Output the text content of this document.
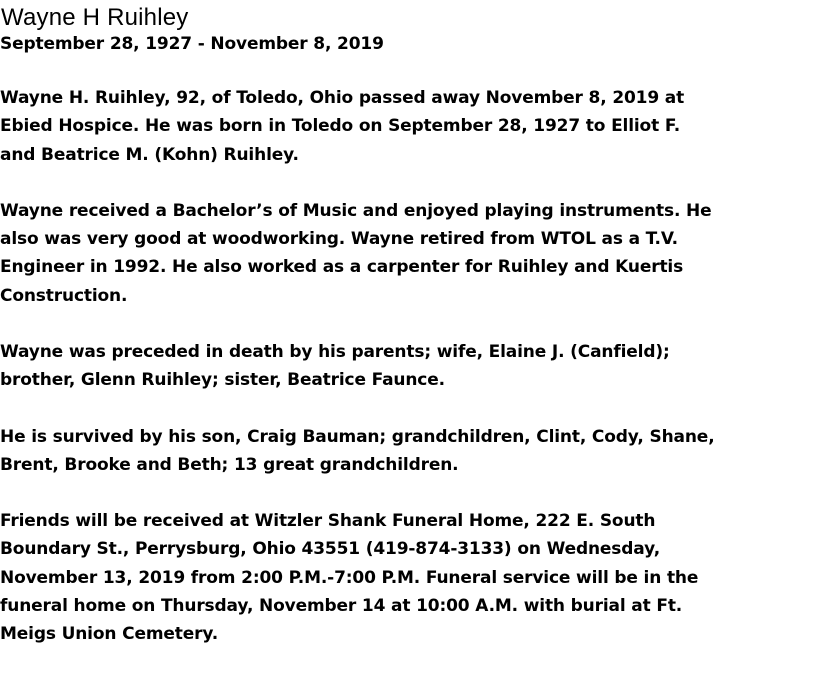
Wayne H Ruihley
September 28, 1927 - November 8, 2019
Wayne H. Ruihley, 92, of Toledo, Ohio passed away November 8, 2019 at
Ebied Hospice. He was born in Toledo on September 28, 1927 to Elliot F.
and Beatrice M. (Kohn) Ruihley.
Wayne received a Bachelor’s of Music and enjoyed playing instruments. He
also was very good at woodworking. Wayne retired from WTOL as a T.V.
Engineer in 1992. He also worked as a carpenter for Ruihley and Kuertis
Construction.
Wayne was preceded in death by his parents; wife, Elaine J. (Canfield);
brother, Glenn Ruihley; sister, Beatrice Faunce.
He is survived by his son, Craig Bauman; grandchildren, Clint, Cody, Shane,
Brent, Brooke and Beth; 13 great grandchildren.
Friends will be received at Witzler Shank Funeral Home, 222 E. South
Boundary St., Perrysburg, Ohio 43551 (419-874-3133) on Wednesday,
November 13, 2019 from 2:00 P.M.-7:00 P.M. Funeral service will be in the
funeral home on Thursday, November 14 at 10:00 A.M. with burial at Ft.
Meigs Union Cemetery.
